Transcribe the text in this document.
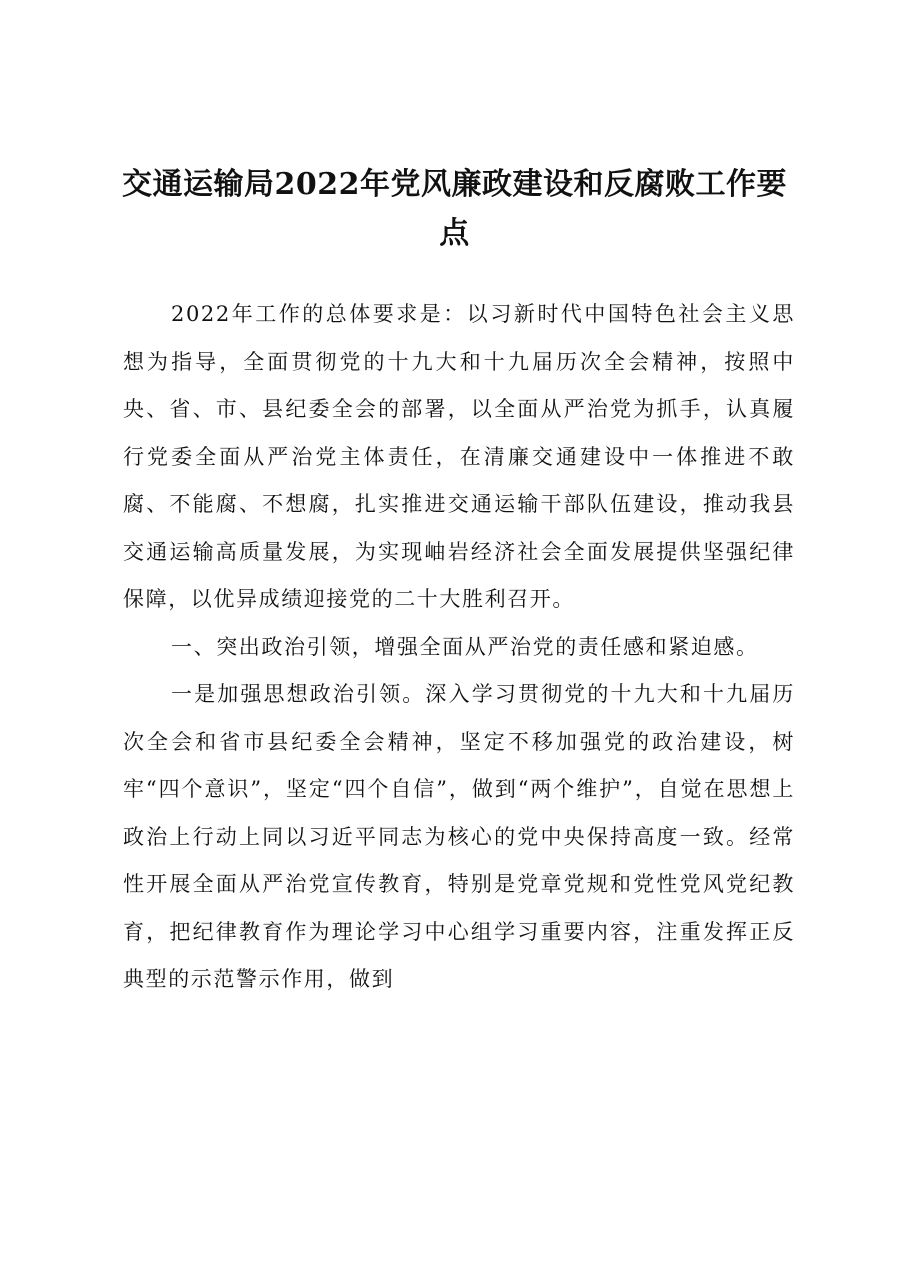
交通运输局2022年党风廉政建设和反腐败工作要点

2022年工作的总体要求是：以习新时代中国特色社会主义思想为指导，全面贯彻党的十九大和十九届历次全会精神，按照中央、省、市、县纪委全会的部署，以全面从严治党为抓手，认真履行党委全面从严治党主体责任，在清廉交通建设中一体推进不敢腐、不能腐、不想腐，扎实推进交通运输干部队伍建设，推动我县交通运输高质量发展，为实现岫岩经济社会全面发展提供坚强纪律保障，以优异成绩迎接党的二十大胜利召开。

一、突出政治引领，增强全面从严治党的责任感和紧迫感。

一是加强思想政治引领。深入学习贯彻党的十九大和十九届历次全会和省市县纪委全会精神，坚定不移加强党的政治建设，树牢“四个意识”，坚定“四个自信”，做到“两个维护”，自觉在思想上政治上行动上同以习近平同志为核心的党中央保持高度一致。经常性开展全面从严治党宣传教育，特别是党章党规和党性党风党纪教育，把纪律教育作为理论学习中心组学习重要内容，注重发挥正反典型的示范警示作用，做到
